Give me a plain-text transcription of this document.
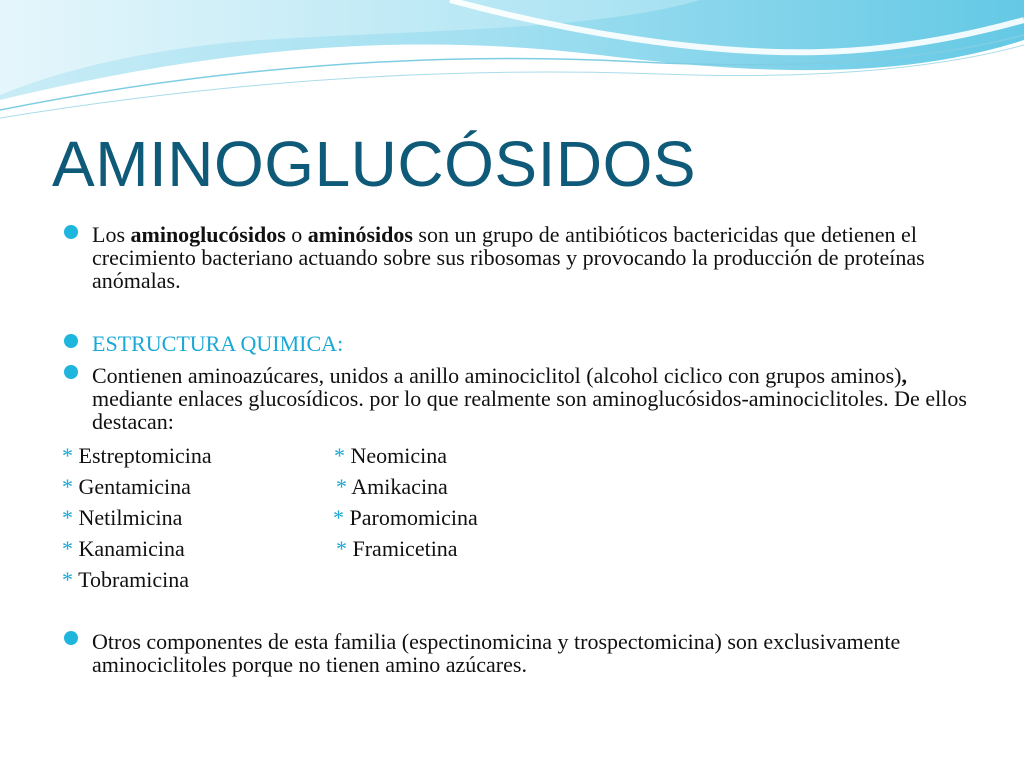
AMINOGLUCÓSIDOS
Los aminoglucósidos o aminósidos son un grupo de antibióticos bactericidas que detienen el crecimiento bacteriano actuando sobre sus ribosomas y provocando la producción de proteínas anómalas.
ESTRUCTURA QUIMICA:
Contienen aminoazúcares, unidos a anillo aminociclitol (alcohol ciclico con grupos aminos), mediante enlaces glucosídicos. por lo que realmente son aminoglucósidos-aminociclitoles. De ellos destacan:
* Estreptomicina	* Neomicina
* Gentamicina	* Amikacina
* Netilmicina	* Paromomicina
* Kanamicina	* Framicetina
* Tobramicina
Otros componentes de esta familia (espectinomicina y trospectomicina) son exclusivamente aminociclitoles porque no tienen amino azúcares.
